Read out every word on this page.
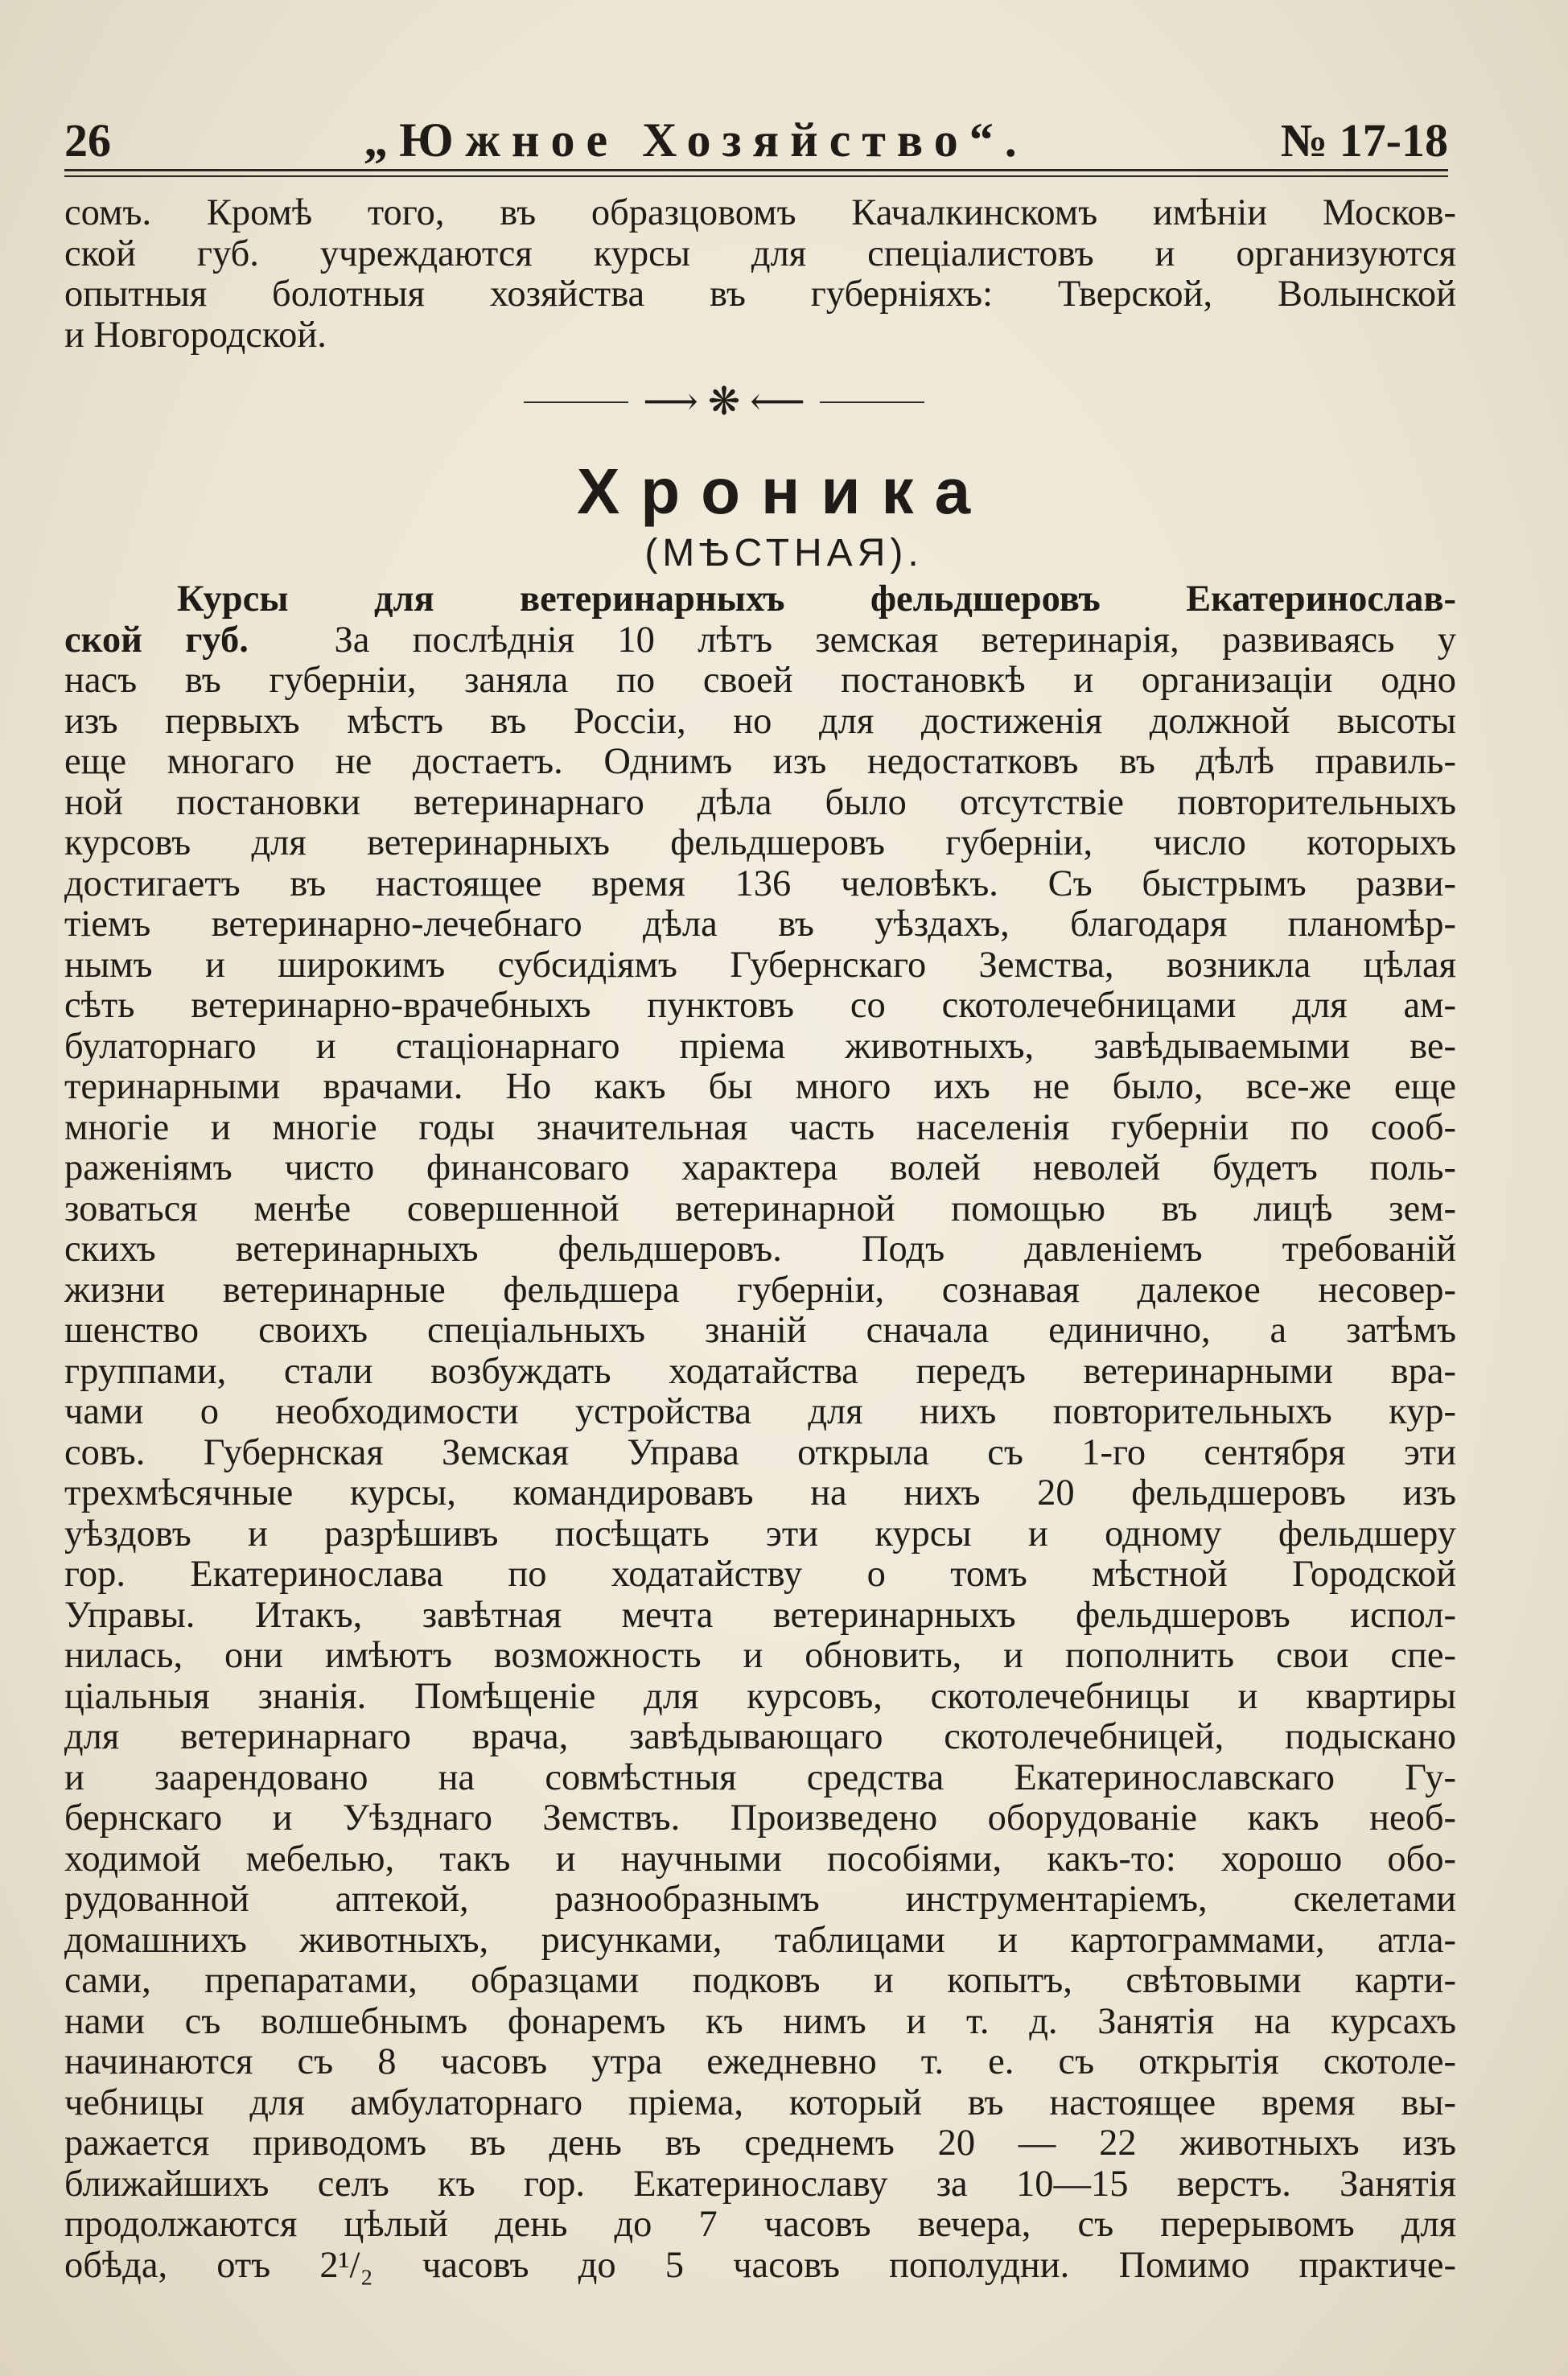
26	„Южное Хозяйство“.	№ 17-18
сомъ. Кромѣ того, въ образцовомъ Качалкинскомъ имѣніи Москов-
ской губ. учреждаются курсы для спеціалистовъ и организуются
опытныя болотныя хозяйства въ губерніяхъ: Тверской, Волынской
и Новгородской.
⟶ ❋ ⟵
Хроника
(МѢСТНАЯ).
Курсы для ветеринарныхъ фельдшеровъ Екатеринослав-
ской губ. За послѣднія 10 лѣтъ земская ветеринарія, развиваясь у
насъ въ губерніи, заняла по своей постановкѣ и организаціи одно
изъ первыхъ мѣстъ въ Россіи, но для достиженія должной высоты
еще многаго не достаетъ. Однимъ изъ недостатковъ въ дѣлѣ правиль-
ной постановки ветеринарнаго дѣла было отсутствіе повторительныхъ
курсовъ для ветеринарныхъ фельдшеровъ губерніи, число которыхъ
достигаетъ въ настоящее время 136 человѣкъ. Съ быстрымъ разви-
тіемъ ветеринарно-лечебнаго дѣла въ уѣздахъ, благодаря планомѣр-
нымъ и широкимъ субсидіямъ Губернскаго Земства, возникла цѣлая
сѣть ветеринарно-врачебныхъ пунктовъ со скотолечебницами для ам-
булаторнаго и стаціонарнаго пріема животныхъ, завѣдываемыми ве-
теринарными врачами. Но какъ бы много ихъ не было, все-же еще
многіе и многіе годы значительная часть населенія губерніи по сооб-
раженіямъ чисто финансоваго характера волей неволей будетъ поль-
зоваться менѣе совершенной ветеринарной помощью въ лицѣ зем-
скихъ ветеринарныхъ фельдшеровъ. Подъ давленіемъ требованій
жизни ветеринарные фельдшера губерніи, сознавая далекое несовер-
шенство своихъ спеціальныхъ знаній сначала единично, а затѣмъ
группами, стали возбуждать ходатайства передъ ветеринарными вра-
чами о необходимости устройства для нихъ повторительныхъ кур-
совъ. Губернская Земская Управа открыла съ 1-го сентября эти
трехмѣсячные курсы, командировавъ на нихъ 20 фельдшеровъ изъ
уѣздовъ и разрѣшивъ посѣщать эти курсы и одному фельдшеру
гор. Екатеринослава по ходатайству о томъ мѣстной Городской
Управы. Итакъ, завѣтная мечта ветеринарныхъ фельдшеровъ испол-
нилась, они имѣютъ возможность и обновить, и пополнить свои спе-
ціальныя знанія. Помѣщеніе для курсовъ, скотолечебницы и квартиры
для ветеринарнаго врача, завѣдывающаго скотолечебницей, подыскано
и заарендовано на совмѣстныя средства Екатеринославскаго Гу-
бернскаго и Уѣзднаго Земствъ. Произведено оборудованіе какъ необ-
ходимой мебелью, такъ и научными пособіями, какъ-то: хорошо обо-
рудованной аптекой, разнообразнымъ инструментаріемъ, скелетами
домашнихъ животныхъ, рисунками, таблицами и картограммами, атла-
сами, препаратами, образцами подковъ и копытъ, свѣтовыми карти-
нами съ волшебнымъ фонаремъ къ нимъ и т. д. Занятія на курсахъ
начинаются съ 8 часовъ утра ежедневно т. е. съ открытія скотоле-
чебницы для амбулаторнаго пріема, который въ настоящее время вы-
ражается приводомъ въ день въ среднемъ 20 — 22 животныхъ изъ
ближайшихъ селъ къ гор. Екатеринославу за 10—15 верстъ. Занятія
продолжаются цѣлый день до 7 часовъ вечера, съ перерывомъ для
обѣда, отъ 2¹/₂ часовъ до 5 часовъ пополудни. Помимо практиче-
